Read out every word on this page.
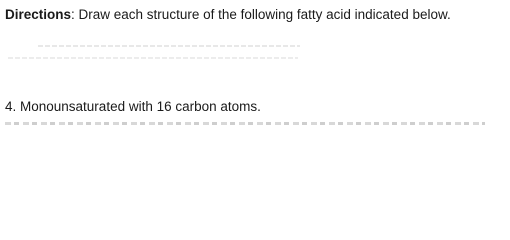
Directions: Draw each structure of the following fatty acid indicated below.

4. Monounsaturated with 16 carbon atoms.
